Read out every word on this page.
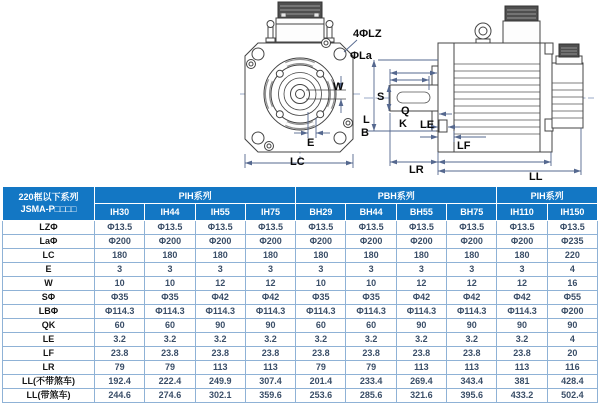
4ΦLZ
ΦLa
W
E
LC
S
Q
K
L
B
LE
LF
LR
LL
220框以下系列
JSMA-P□□□□	PIH系列				PBH系列				PIH系列	
	IH30	IH44	IH55	IH75	BH29	BH44	BH55	BH75	IH110	IH150
LZΦ	Φ13.5	Φ13.5	Φ13.5	Φ13.5	Φ13.5	Φ13.5	Φ13.5	Φ13.5	Φ13.5	Φ13.5
LaΦ	Φ200	Φ200	Φ200	Φ200	Φ200	Φ200	Φ200	Φ200	Φ200	Φ235
LC	180	180	180	180	180	180	180	180	180	220
E	3	3	3	3	3	3	3	3	3	4
W	10	10	12	12	10	10	12	12	12	16
SΦ	Φ35	Φ35	Φ42	Φ42	Φ35	Φ35	Φ42	Φ42	Φ42	Φ55
LBΦ	Φ114.3	Φ114.3	Φ114.3	Φ114.3	Φ114.3	Φ114.3	Φ114.3	Φ114.3	Φ114.3	Φ200
QK	60	60	90	90	60	60	90	90	90	90
LE	3.2	3.2	3.2	3.2	3.2	3.2	3.2	3.2	3.2	4
LF	23.8	23.8	23.8	23.8	23.8	23.8	23.8	23.8	23.8	20
LR	79	79	113	113	79	79	113	113	113	116
LL(不带煞车)	192.4	222.4	249.9	307.4	201.4	233.4	269.4	343.4	381	428.4
LL(带煞车)	244.6	274.6	302.1	359.6	253.6	285.6	321.6	395.6	433.2	502.4
